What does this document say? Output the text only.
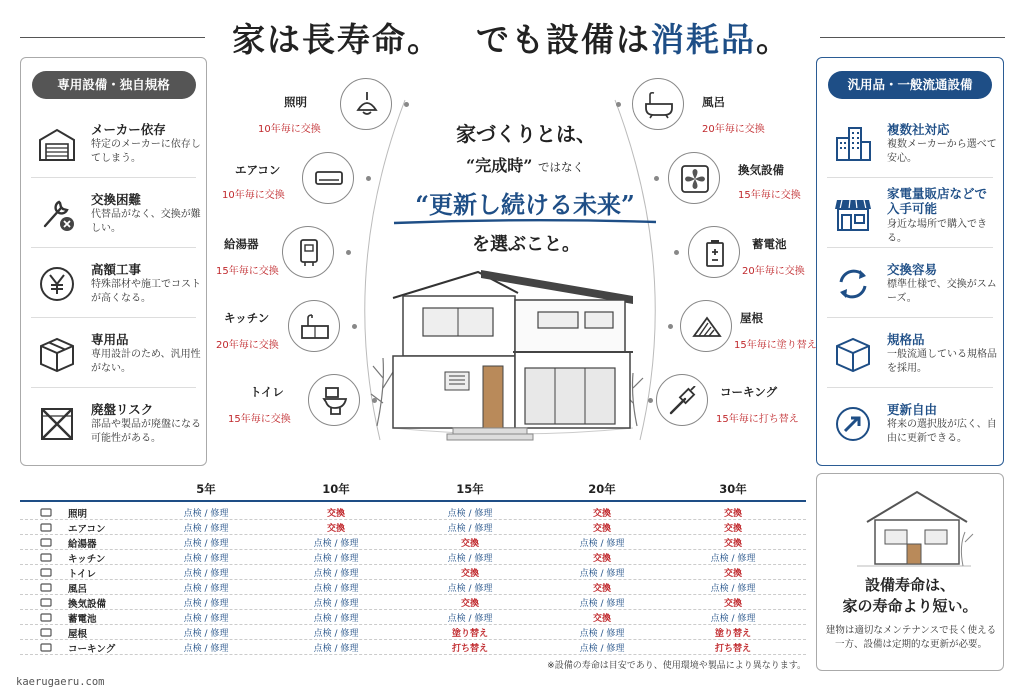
家は長寿命。 でも設備は消耗品。
専用設備・独自規格
メーカー依存
特定のメーカーに依存してしまう。
交換困難
代替品がなく、交換が難しい。
高額工事
特殊部材や施工でコストが高くなる。
専用品
専用設計のため、汎用性がない。
廃盤リスク
部品や製品が廃盤になる可能性がある。
汎用品・一般流通設備
複数社対応
複数メーカーから選べて安心。
家電量販店などで入手可能
身近な場所で購入できる。
交換容易
標準仕様で、交換がスムーズ。
規格品
一般流通している規格品を採用。
更新自由
将来の選択肢が広く、自由に更新できる。
照明
10年毎に交換
エアコン
10年毎に交換
給湯器
15年毎に交換
キッチン
20年毎に交換
トイレ
15年毎に交換
風呂
20年毎に交換
換気設備
15年毎に交換
蓄電池
20年毎に交換
屋根
15年毎に塗り替え
コーキング
15年毎に打ち替え
家づくりとは、
“完成時” ではなく
“更新し続ける未来”
を選ぶこと。
設備寿命は、
家の寿命より短い。
建物は適切なメンテナンスで長く使える一方、設備は定期的な更新が必要。
5年	10年	15年	20年	30年
照明	点検 / 修理	交換	点検 / 修理	交換	交換
エアコン	点検 / 修理	交換	点検 / 修理	交換	交換
給湯器	点検 / 修理	点検 / 修理	交換	点検 / 修理	交換
キッチン	点検 / 修理	点検 / 修理	点検 / 修理	交換	点検 / 修理
トイレ	点検 / 修理	点検 / 修理	交換	点検 / 修理	交換
風呂	点検 / 修理	点検 / 修理	点検 / 修理	交換	点検 / 修理
換気設備	点検 / 修理	点検 / 修理	交換	点検 / 修理	交換
蓄電池	点検 / 修理	点検 / 修理	点検 / 修理	交換	点検 / 修理
屋根	点検 / 修理	点検 / 修理	塗り替え	点検 / 修理	塗り替え
コーキング	点検 / 修理	点検 / 修理	打ち替え	点検 / 修理	打ち替え
※設備の寿命は目安であり、使用環境や製品により異なります。
kaerugaeru.com
